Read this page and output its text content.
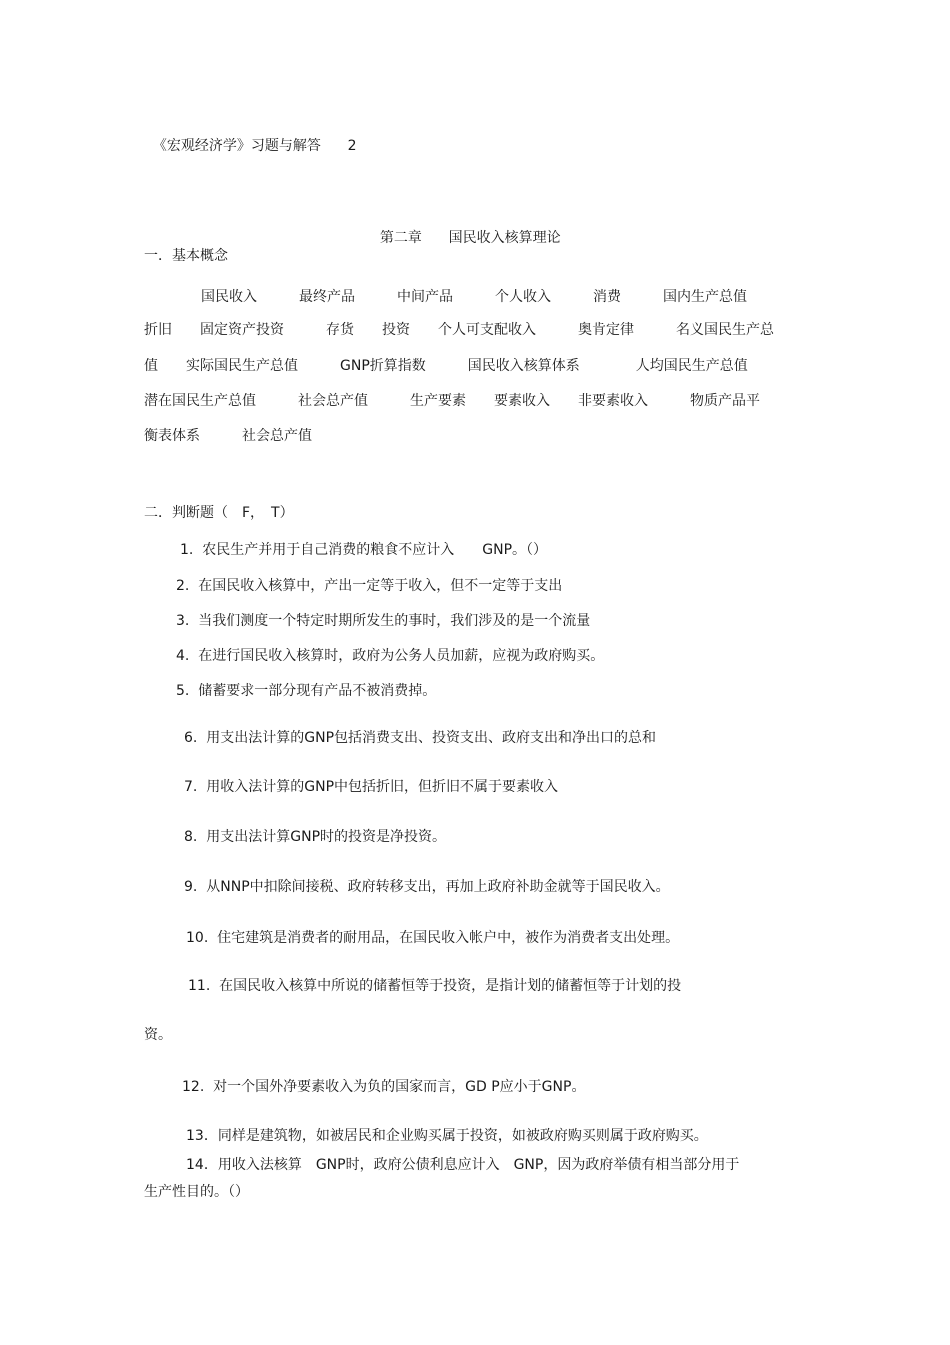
《宏观经济学》习题与解答 2

第二章 国民收入核算理论

一．基本概念
国民收入　　　最终产品　　　中间产品　　　个人收入　　　消费　　　国内生产总值
折旧　　固定资产投资　　　存货　　投资　　个人可支配收入　　　奥肯定律　　　名义国民生产总
值　　实际国民生产总值　　　GNP折算指数　　　国民收入核算体系　　　　人均国民生产总值
潜在国民生产总值　　　社会总产值　　　生产要素　　要素收入　　非要素收入　　　物质产品平
衡表体系　　　社会总产值
二．判断题（　F，　T）
1.  农民生产并用于自己消费的粮食不应计入　　GNP。（）
2.  在国民收入核算中，产出一定等于收入，但不一定等于支出
3.  当我们测度一个特定时期所发生的事时，我们涉及的是一个流量
4.  在进行国民收入核算时，政府为公务人员加薪，应视为政府购买。
5.  储蓄要求一部分现有产品不被消费掉。
6.  用支出法计算的GNP包括消费支出、投资支出、政府支出和净出口的总和
7.  用收入法计算的GNP中包括折旧，但折旧不属于要素收入
8.  用支出法计算GNP时的投资是净投资。
9.  从NNP中扣除间接税、政府转移支出，再加上政府补助金就等于国民收入。
10.  住宅建筑是消费者的耐用品，在国民收入帐户中，被作为消费者支出处理。
11.  在国民收入核算中所说的储蓄恒等于投资，是指计划的储蓄恒等于计划的投
资。
12.  对一个国外净要素收入为负的国家而言，GD P应小于GNP。
13．同样是建筑物，如被居民和企业购买属于投资，如被政府购买则属于政府购买。
14．用收入法核算　GNP时，政府公债利息应计入　GNP，因为政府举债有相当部分用于
生产性目的。（）
